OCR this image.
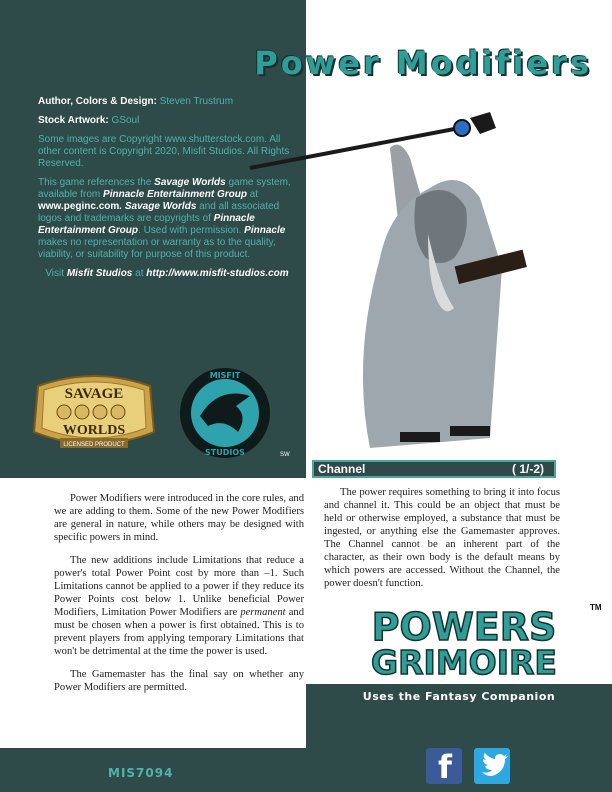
Power Modifiers

Author, Colors & Design: Steven Trustrum

Stock Artwork: GSoul

Some images are Copyright www.shutterstock.com. All other content is Copyright 2020, Misfit Studios. All Rights Reserved.

This game references the Savage Worlds game system, available from Pinnacle Entertainment Group at www.peginc.com. Savage Worlds and all associated logos and trademarks are copyrights of Pinnacle Entertainment Group. Used with permission. Pinnacle makes no representation or warranty as to the quality, viability, or suitability for purpose of this product.

Visit Misfit Studios at http://www.misfit-studios.com

SAVAGE
WORLDS
LICENSED PRODUCT
MISFIT
STUDIOS	SW
Channel	( 1/-2)

Power Modifiers were introduced in the core rules, and we are adding to them. Some of the new Power Modifiers are general in nature, while others may be designed with specific powers in mind.

The new additions include Limitations that reduce a power's total Power Point cost by more than –1. Such Limitations cannot be applied to a power if they reduce its Power Points cost below 1. Unlike beneficial Power Modifiers, Limitation Power Modifiers are permanent and must be chosen when a power is first obtained. This is to prevent players from applying temporary Limitations that won't be detrimental at the time the power is used.

The Gamemaster has the final say on whether any Power Modifiers are permitted.

The power requires something to bring it into focus and channel it. This could be an object that must be held or otherwise employed, a substance that must be ingested, or anything else the Gamemaster approves. The Channel cannot be an inherent part of the character, as their own body is the default means by which powers are accessed. Without the Channel, the power doesn't function.

POWERS
GRIMOIRE
TM
Uses the Fantasy Companion
MIS7094	f
